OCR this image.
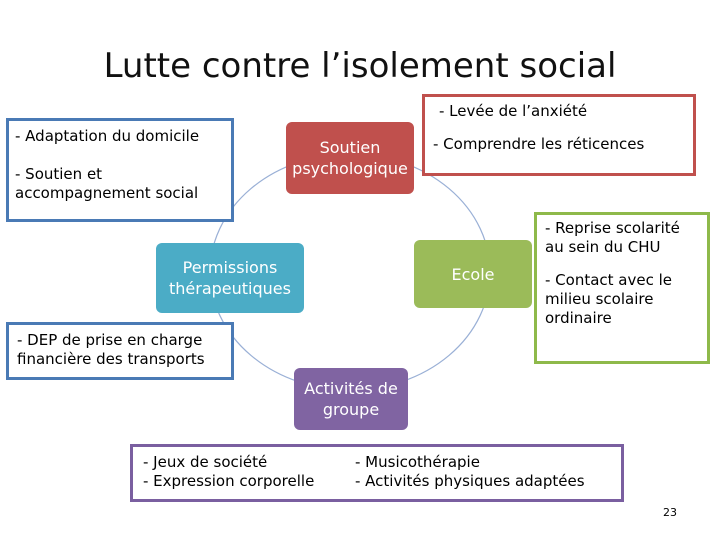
Lutte contre l’isolement social
- Adaptation du domicile
- Soutien et
accompagnement social
- Levée de l’anxiété
- Comprendre les réticences
- Reprise scolarité
au sein du CHU
- Contact avec le
milieu scolaire
ordinaire
- DEP de prise en charge
financière des transports
- Jeux de société
- Expression corporelle
- Musicothérapie
- Activités physiques adaptées
Soutien
psychologique
Permissions
thérapeutiques
Ecole
Activités de
groupe
23
